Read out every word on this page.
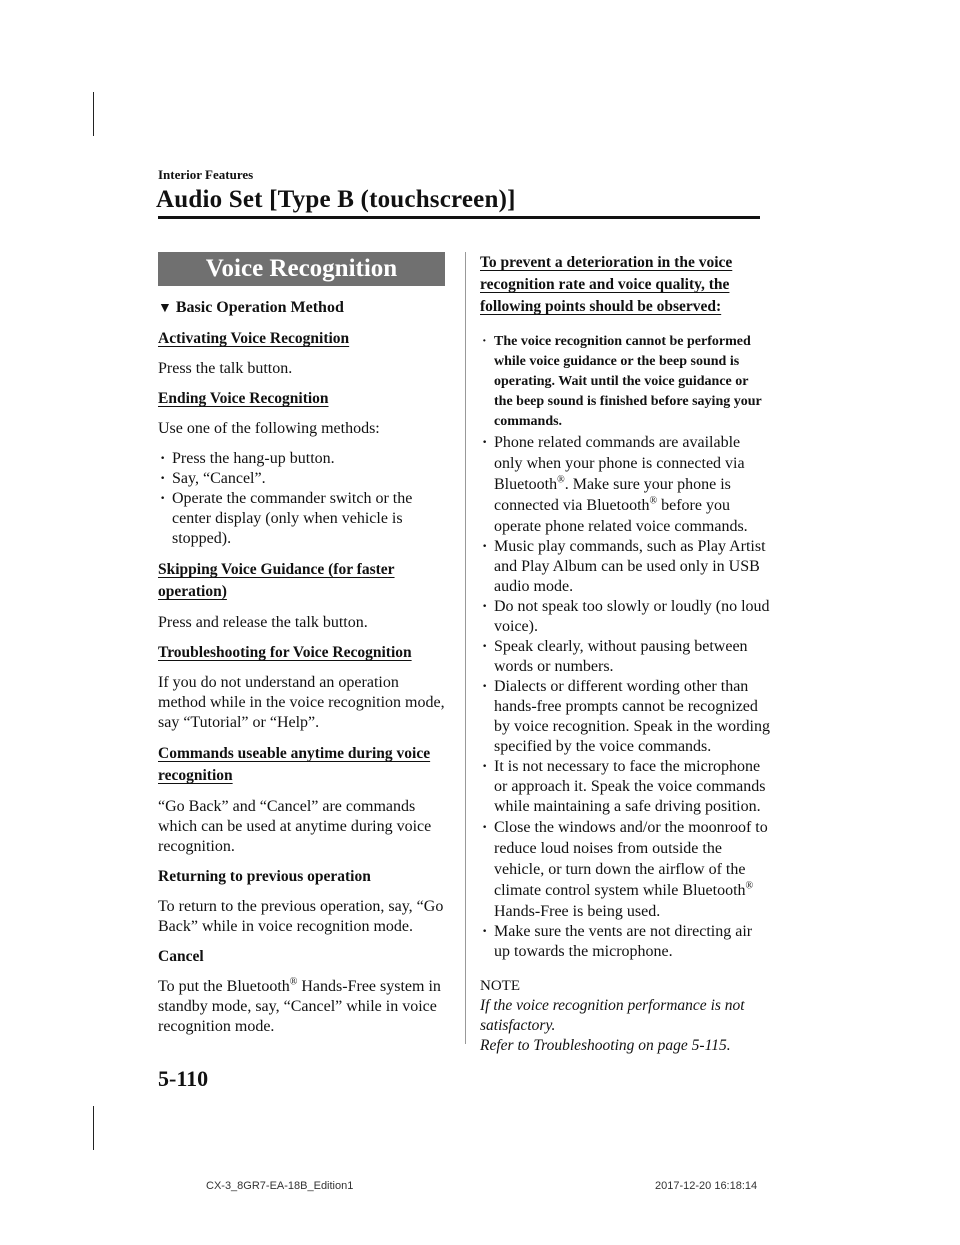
Interior Features
Audio Set [Type B (touchscreen)]
Voice Recognition
▼ Basic Operation Method
Activating Voice Recognition

Press the talk button.

Ending Voice Recognition

Use one of the following methods:

· Press the hang-up button.
· Say, “Cancel”.
· Operate the commander switch or the center display (only when vehicle is stopped).
Skipping Voice Guidance (for faster operation)

Press and release the talk button.

Troubleshooting for Voice Recognition

If you do not understand an operation method while in the voice recognition mode, say “Tutorial” or “Help”.

Commands useable anytime during voice recognition

“Go Back” and “Cancel” are commands which can be used at anytime during voice recognition.

Returning to previous operation

To return to the previous operation, say, “Go Back” while in voice recognition mode.

Cancel

To put the Bluetooth® Hands-Free system in standby mode, say, “Cancel” while in voice recognition mode.

To prevent a deterioration in the voice recognition rate and voice quality, the following points should be observed:
· The voice recognition cannot be performed while voice guidance or the beep sound is operating. Wait until the voice guidance or the beep sound is finished before saying your commands.
· Phone related commands are available only when your phone is connected via Bluetooth®. Make sure your phone is connected via Bluetooth® before you operate phone related voice commands.
· Music play commands, such as Play Artist and Play Album can be used only in USB audio mode.
· Do not speak too slowly or loudly (no loud voice).
· Speak clearly, without pausing between words or numbers.
· Dialects or different wording other than hands-free prompts cannot be recognized by voice recognition. Speak in the wording specified by the voice commands.
· It is not necessary to face the microphone or approach it. Speak the voice commands while maintaining a safe driving position.
· Close the windows and/or the moonroof to reduce loud noises from outside the vehicle, or turn down the airflow of the climate control system while Bluetooth® Hands-Free is being used.
· Make sure the vents are not directing air up towards the microphone.
NOTE
If the voice recognition performance is not satisfactory.
Refer to Troubleshooting on page 5-115.
5-110
CX-3_8GR7-EA-18B_Edition1	2017-12-20 16:18:14
